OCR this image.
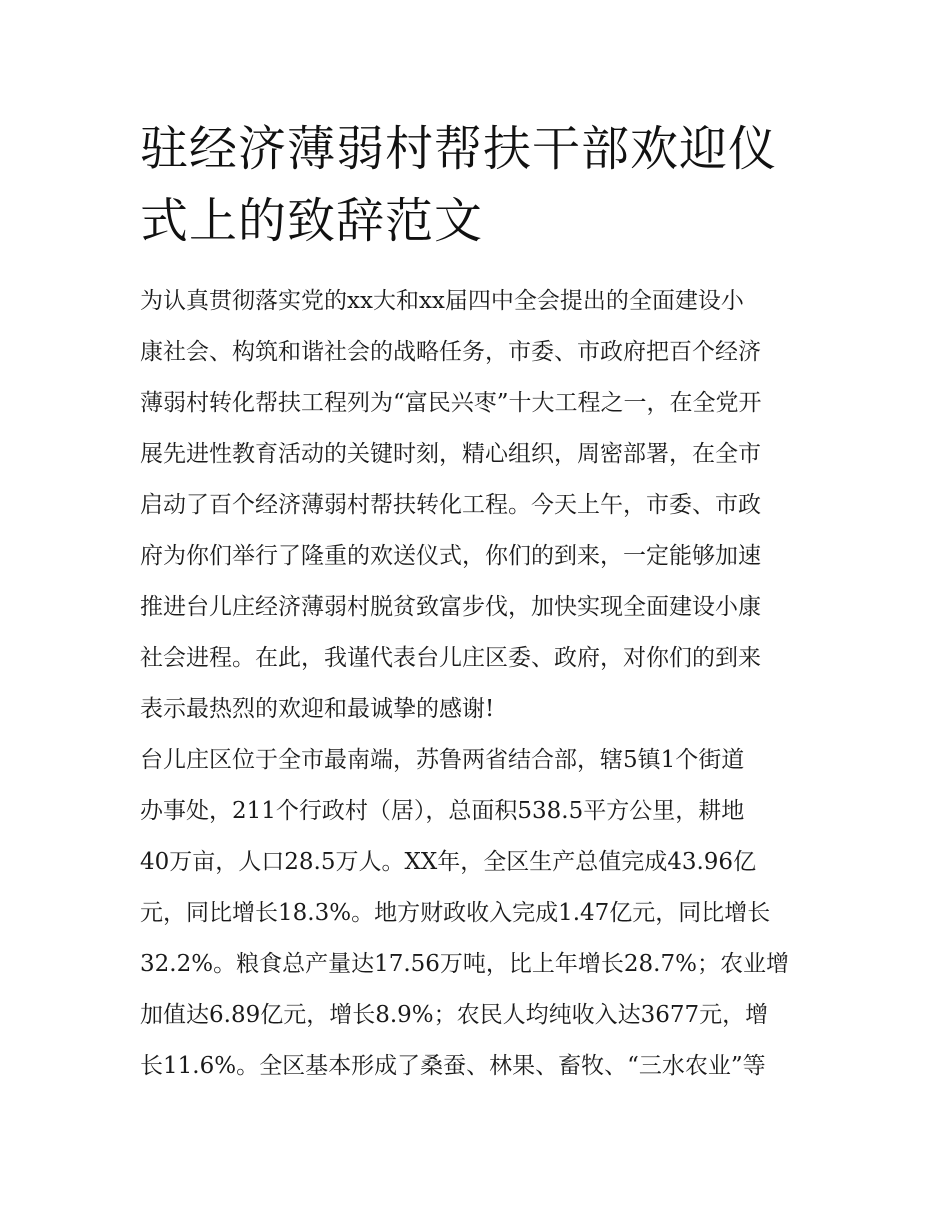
驻经济薄弱村帮扶干部欢迎仪
式上的致辞范文
为认真贯彻落实党的xx大和xx届四中全会提出的全面建设小
康社会、构筑和谐社会的战略任务，市委、市政府把百个经济
薄弱村转化帮扶工程列为“富民兴枣”十大工程之一，在全党开
展先进性教育活动的关键时刻，精心组织，周密部署，在全市
启动了百个经济薄弱村帮扶转化工程。今天上午，市委、市政
府为你们举行了隆重的欢送仪式，你们的到来，一定能够加速
推进台儿庄经济薄弱村脱贫致富步伐，加快实现全面建设小康
社会进程。在此，我谨代表台儿庄区委、政府，对你们的到来
表示最热烈的欢迎和最诚挚的感谢!
台儿庄区位于全市最南端，苏鲁两省结合部，辖5镇1个街道
办事处，211个行政村（居），总面积538.5平方公里，耕地
40万亩，人口28.5万人。XX年，全区生产总值完成43.96亿
元，同比增长18.3%。地方财政收入完成1.47亿元，同比增长
32.2%。粮食总产量达17.56万吨，比上年增长28.7%；农业增
加值达6.89亿元，增长8.9%；农民人均纯收入达3677元，增
长11.6%。全区基本形成了桑蚕、林果、畜牧、“三水农业”等
